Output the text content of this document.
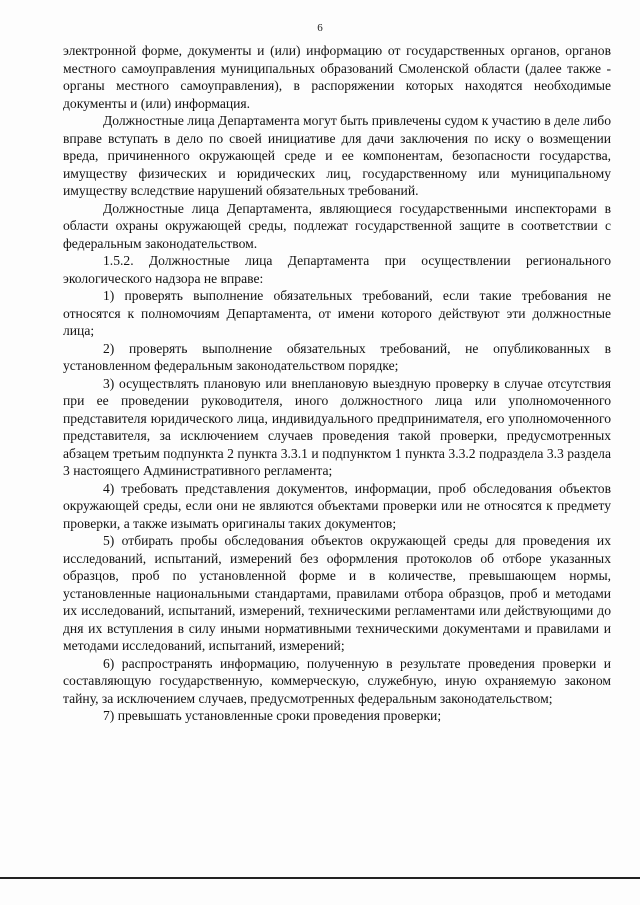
6

электронной форме, документы и (или) информацию от государственных органов, органов местного самоуправления муниципальных образований Смоленской области (далее также - органы местного самоуправления), в распоряжении которых находятся необходимые документы и (или) информация.

Должностные лица Департамента могут быть привлечены судом к участию в деле либо вправе вступать в дело по своей инициативе для дачи заключения по иску о возмещении вреда, причиненного окружающей среде и ее компонентам, безопасности государства, имуществу физических и юридических лиц, государственному или муниципальному имуществу вследствие нарушений обязательных требований.

Должностные лица Департамента, являющиеся государственными инспекторами в области охраны окружающей среды, подлежат государственной защите в соответствии с федеральным законодательством.

1.5.2. Должностные лица Департамента при осуществлении регионального экологического надзора не вправе:

1) проверять выполнение обязательных требований, если такие требования не относятся к полномочиям Департамента, от имени которого действуют эти должностные лица;

2) проверять выполнение обязательных требований, не опубликованных в установленном федеральным законодательством порядке;

3) осуществлять плановую или внеплановую выездную проверку в случае отсутствия при ее проведении руководителя, иного должностного лица или уполномоченного представителя юридического лица, индивидуального предпринимателя, его уполномоченного представителя, за исключением случаев проведения такой проверки, предусмотренных абзацем третьим подпункта 2 пункта 3.3.1 и подпунктом 1 пункта 3.3.2 подраздела 3.3 раздела 3 настоящего Административного регламента;

4) требовать представления документов, информации, проб обследования объектов окружающей среды, если они не являются объектами проверки или не относятся к предмету проверки, а также изымать оригиналы таких документов;

5) отбирать пробы обследования объектов окружающей среды для проведения их исследований, испытаний, измерений без оформления протоколов об отборе указанных образцов, проб по установленной форме и в количестве, превышающем нормы, установленные национальными стандартами, правилами отбора образцов, проб и методами их исследований, испытаний, измерений, техническими регламентами или действующими до дня их вступления в силу иными нормативными техническими документами и правилами и методами исследований, испытаний, измерений;

6) распространять информацию, полученную в результате проведения проверки и составляющую государственную, коммерческую, служебную, иную охраняемую законом тайну, за исключением случаев, предусмотренных федеральным законодательством;

7) превышать установленные сроки проведения проверки;
